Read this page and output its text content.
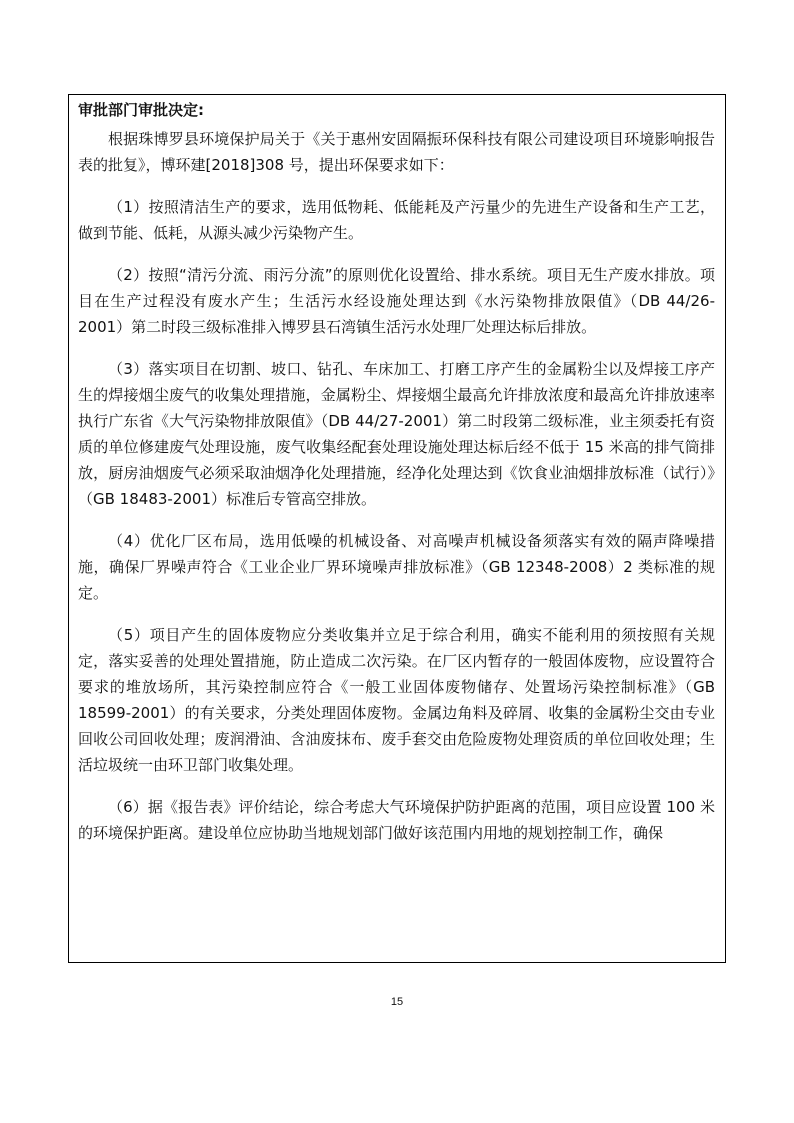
审批部门审批决定:

根据珠博罗县环境保护局关于《关于惠州安固隔振环保科技有限公司建设项目环境影响报告表的批复》，博环建[2018]308 号，提出环保要求如下：

（1）按照清洁生产的要求，选用低物耗、低能耗及产污量少的先进生产设备和生产工艺，做到节能、低耗，从源头减少污染物产生。

（2）按照“清污分流、雨污分流”的原则优化设置给、排水系统。项目无生产废水排放。项目在生产过程没有废水产生；生活污水经设施处理达到《水污染物排放限值》（DB 44/26-2001）第二时段三级标准排入博罗县石湾镇生活污水处理厂处理达标后排放。

（3）落实项目在切割、坡口、钻孔、车床加工、打磨工序产生的金属粉尘以及焊接工序产生的焊接烟尘废气的收集处理措施，金属粉尘、焊接烟尘最高允许排放浓度和最高允许排放速率执行广东省《大气污染物排放限值》（DB 44/27-2001）第二时段第二级标准，业主须委托有资质的单位修建废气处理设施，废气收集经配套处理设施处理达标后经不低于 15 米高的排气筒排放，厨房油烟废气必须采取油烟净化处理措施，经净化处理达到《饮食业油烟排放标准（试行）》（GB 18483-2001）标准后专管高空排放。

（4）优化厂区布局，选用低噪的机械设备、对高噪声机械设备须落实有效的隔声降噪措施，确保厂界噪声符合《工业企业厂界环境噪声排放标准》（GB 12348-2008）2 类标准的规定。

（5）项目产生的固体废物应分类收集并立足于综合利用，确实不能利用的须按照有关规定，落实妥善的处理处置措施，防止造成二次污染。在厂区内暂存的一般固体废物，应设置符合要求的堆放场所，其污染控制应符合《一般工业固体废物储存、处置场污染控制标准》（GB 18599-2001）的有关要求，分类处理固体废物。金属边角料及碎屑、收集的金属粉尘交由专业回收公司回收处理；废润滑油、含油废抹布、废手套交由危险废物处理资质的单位回收处理；生活垃圾统一由环卫部门收集处理。

（6）据《报告表》评价结论，综合考虑大气环境保护防护距离的范围，项目应设置 100 米的环境保护距离。建设单位应协助当地规划部门做好该范围内用地的规划控制工作，确保

15
